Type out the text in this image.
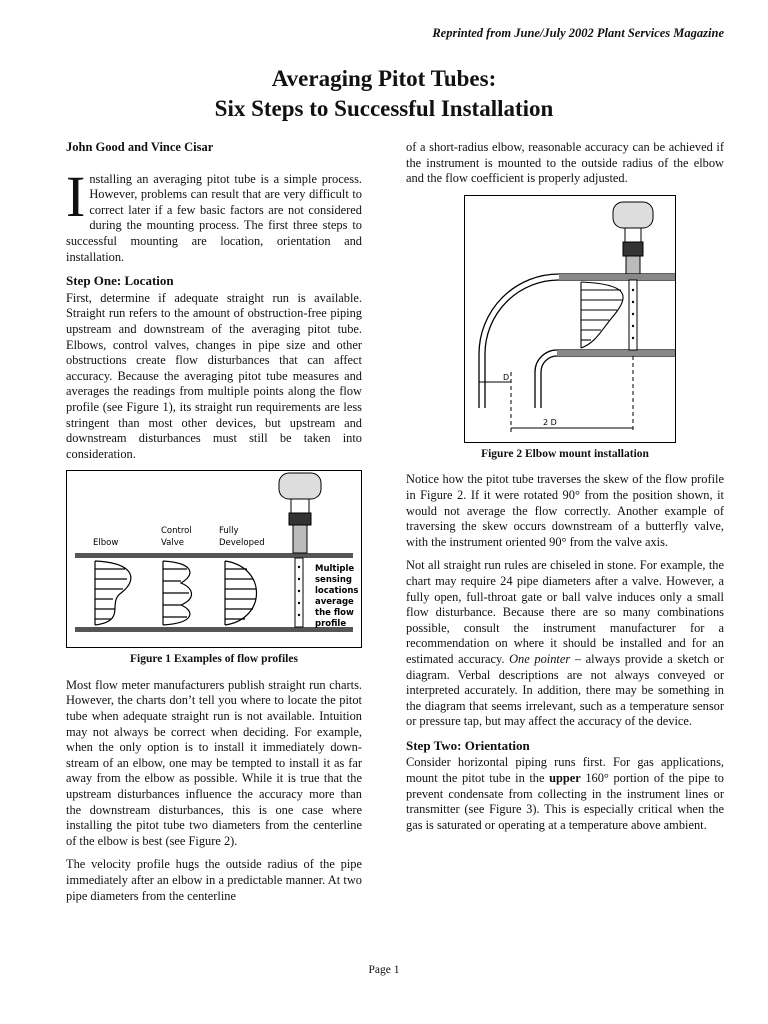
Reprinted from June/July 2002 Plant Services Magazine
Averaging Pitot Tubes:
Six Steps to Successful Installation
John Good and Vince Cisar

Installing an averaging pitot tube is a simple process. However, problems can result that are very difficult to correct later if a few basic factors are not considered during the mounting process. The first three steps to successful mounting are location, orientation and installation.

Step One: Location

First, determine if adequate straight run is available. Straight run refers to the amount of obstruction-free piping upstream and downstream of the averaging pitot tube. Elbows, control valves, changes in pipe size and other obstructions create flow disturbances that can affect accuracy. Because the averaging pitot tube measures and averages the readings from multiple points along the flow profile (see Figure 1), its straight run requirements are less stringent than most other devices, but upstream and downstream disturbances must still be taken into consideration.

Elbow
Control
Valve
Fully
Developed
Multiple
sensing
locations
average
the flow
profile
Figure 1 Examples of flow profiles

Most flow meter manufacturers publish straight run charts. However, the charts don’t tell you where to locate the pitot tube when adequate straight run is not available. Intuition may not always be correct when deciding. For example, when the only option is to install it immediately down-stream of an elbow, one may be tempted to install it as far away from the elbow as possible. While it is true that the upstream disturbances influence the accuracy more than the downstream disturbances, this is one case where installing the pitot tube two diameters from the centerline of the elbow is best (see Figure 2).

The velocity profile hugs the outside radius of the pipe immediately after an elbow in a predictable manner. At two pipe diameters from the centerline

of a short-radius elbow, reasonable accuracy can be achieved if the instrument is mounted to the outside radius of the elbow and the flow coefficient is properly adjusted.

D
2 D
Figure 2 Elbow mount installation

Notice how the pitot tube traverses the skew of the flow profile in Figure 2. If it were rotated 90° from the position shown, it would not average the flow correctly. Another example of traversing the skew occurs downstream of a butterfly valve, with the instrument oriented 90° from the valve axis.

Not all straight run rules are chiseled in stone. For example, the chart may require 24 pipe diameters after a valve. However, a fully open, full-throat gate or ball valve induces only a small flow disturbance. Because there are so many combinations possible, consult the instrument manufacturer for a recommendation on where it should be installed and for an estimated accuracy. One pointer – always provide a sketch or diagram. Verbal descriptions are not always conveyed or interpreted accurately. In addition, there may be something in the diagram that seems irrelevant, such as a temperature sensor or pressure tap, but may affect the accuracy of the device.

Step Two: Orientation

Consider horizontal piping runs first. For gas applications, mount the pitot tube in the upper 160° portion of the pipe to prevent condensate from collecting in the instrument lines or transmitter (see Figure 3). This is especially critical when the gas is saturated or operating at a temperature above ambient.

Page 1
